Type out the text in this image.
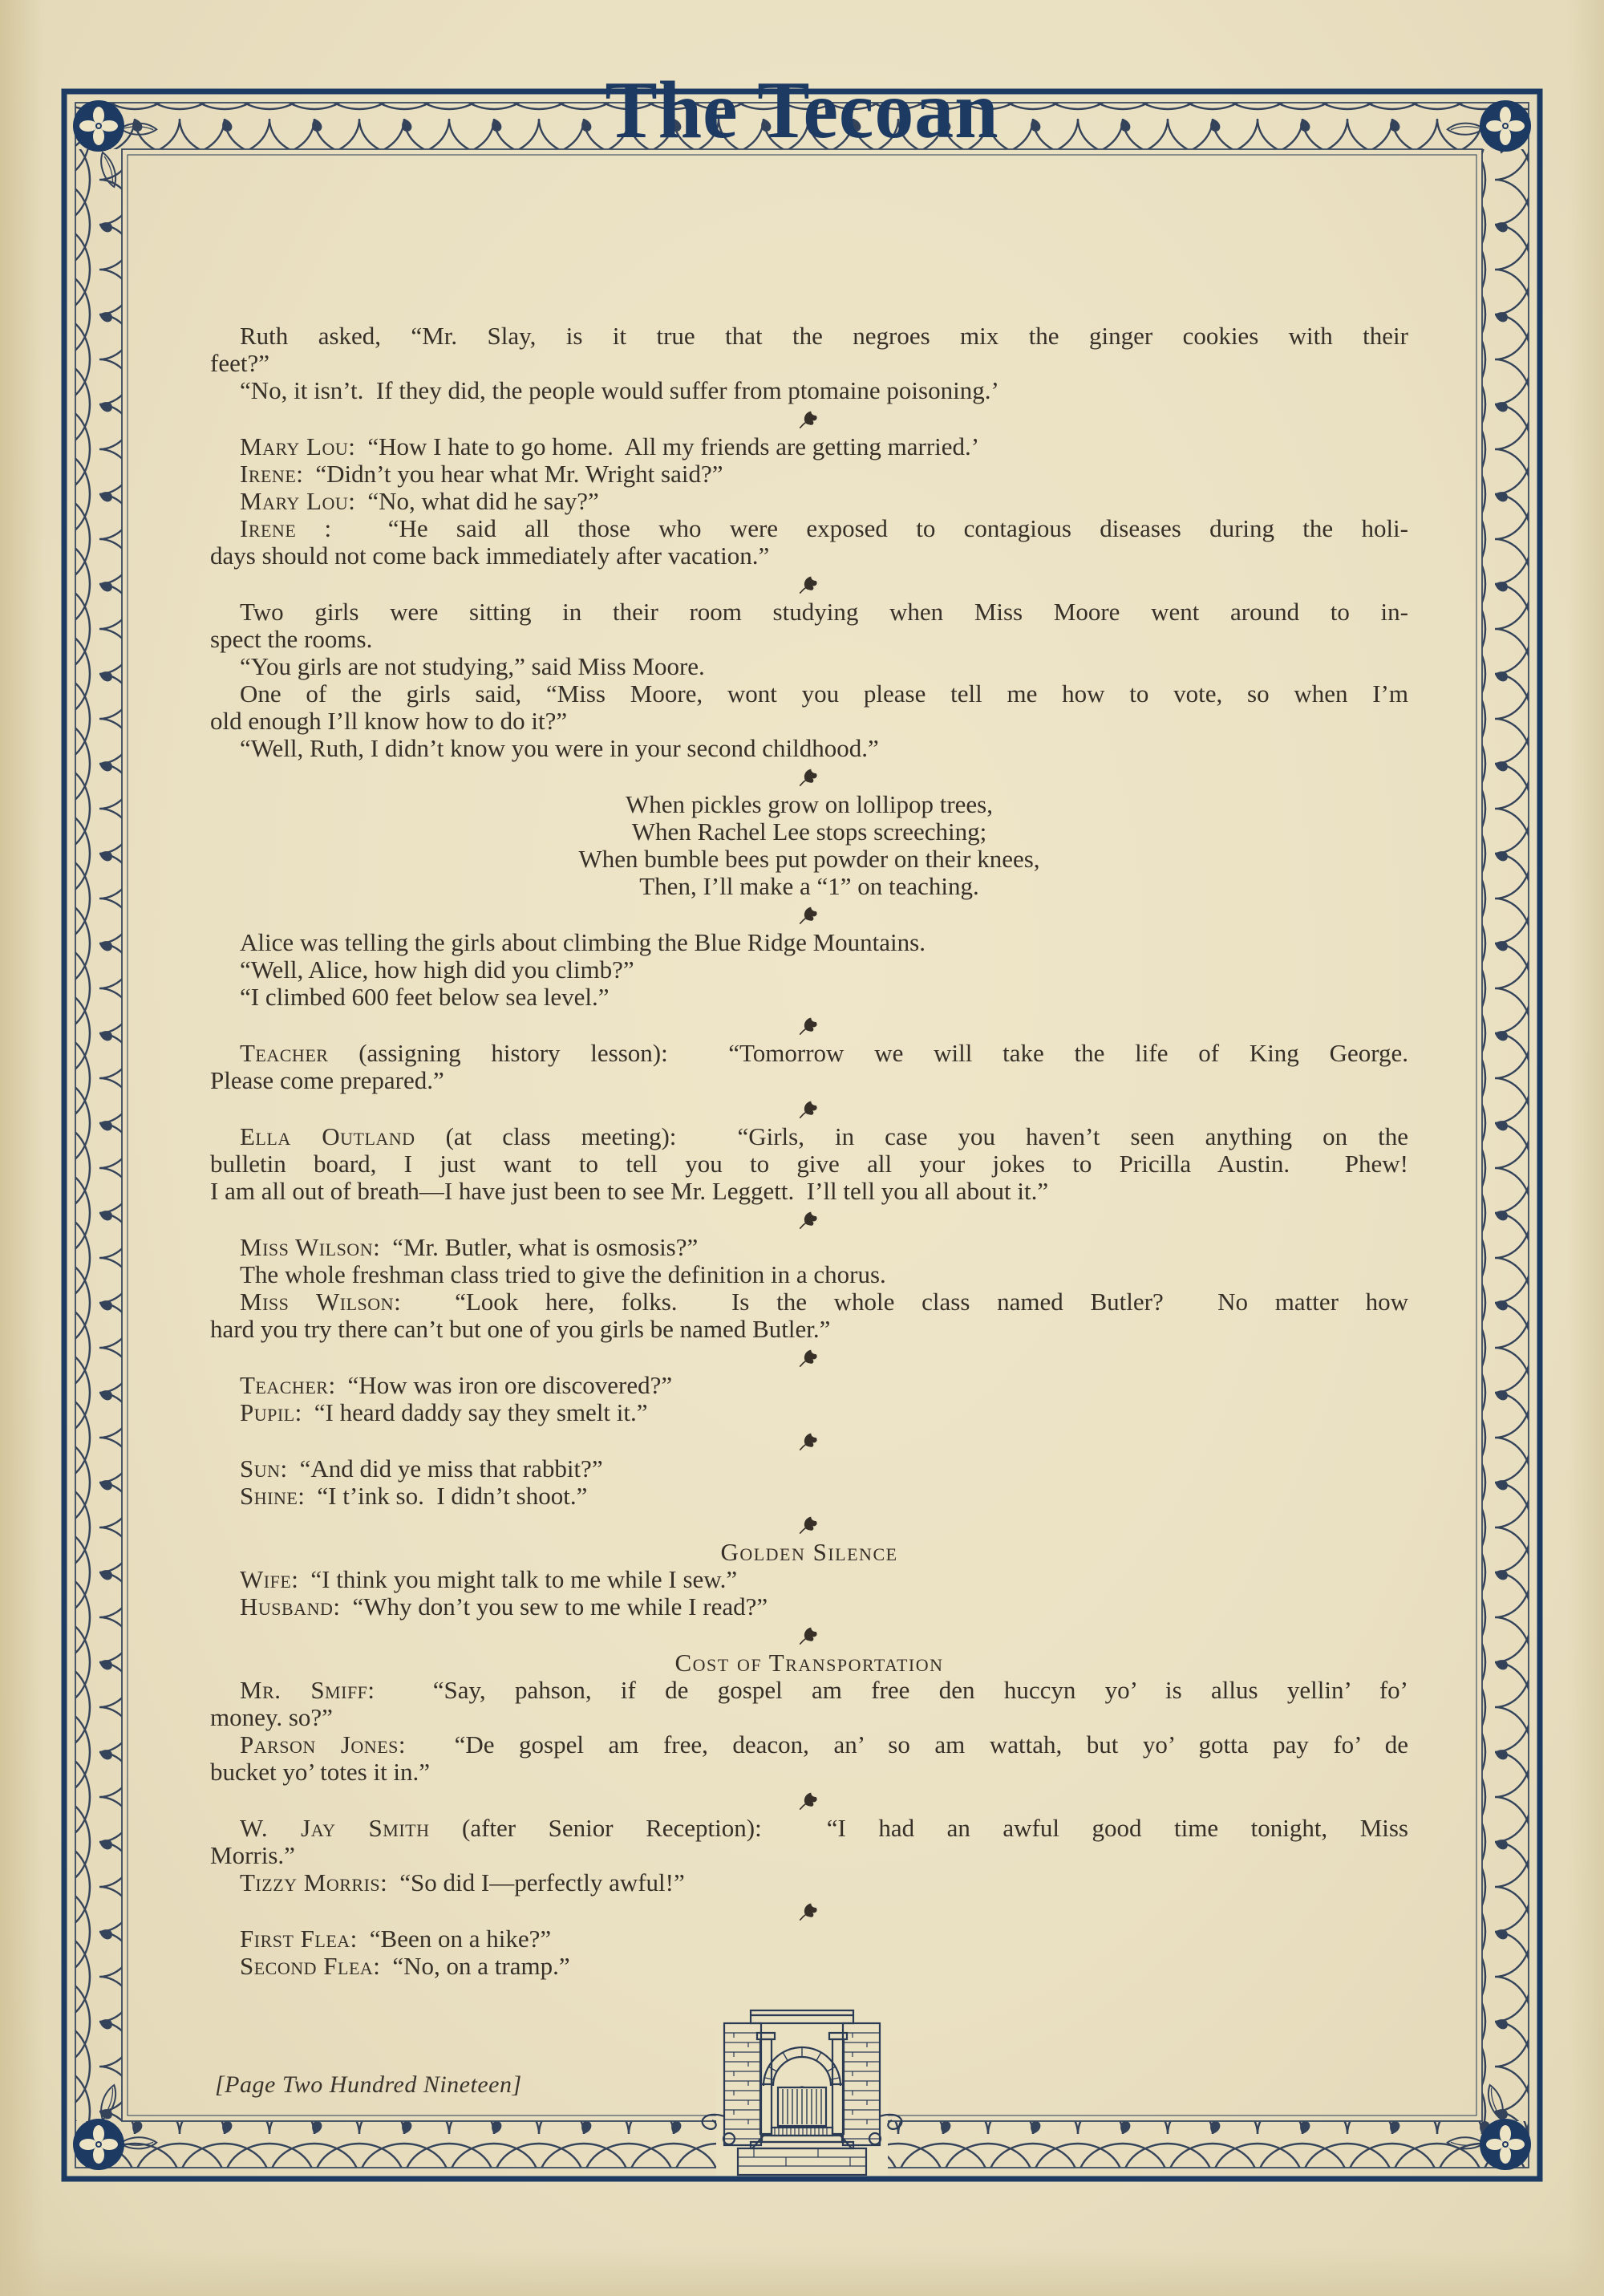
The Tecoan
Ruth asked, “Mr. Slay, is it true that the negroes mix the ginger cookies with their
feet?”
“No, it isn’t.  If they did, the people would suffer from ptomaine poisoning.’
Mary Lou:  “How I hate to go home.  All my friends are getting married.’
Irene:  “Didn’t you hear what Mr. Wright said?”
Mary Lou:  “No, what did he say?”
Irene :  “He said all those who were exposed to contagious diseases during the holi-
days should not come back immediately after vacation.”
Two girls were sitting in their room studying when Miss Moore went around to in-
spect the rooms.
“You girls are not studying,” said Miss Moore.
One of the girls said, “Miss Moore, wont you please tell me how to vote, so when I’m
old enough I’ll know how to do it?”
“Well, Ruth, I didn’t know you were in your second childhood.”
When pickles grow on lollipop trees,
When Rachel Lee stops screeching;
When bumble bees put powder on their knees,
Then, I’ll make a “1” on teaching.
Alice was telling the girls about climbing the Blue Ridge Mountains.
“Well, Alice, how high did you climb?”
“I climbed 600 feet below sea level.”
Teacher (assigning history lesson):  “Tomorrow we will take the life of King George.
Please come prepared.”
Ella Outland (at class meeting):  “Girls, in case you haven’t seen anything on the
bulletin board, I just want to tell you to give all your jokes to Pricilla Austin.  Phew!
I am all out of breath—I have just been to see Mr. Leggett.  I’ll tell you all about it.”
Miss Wilson:  “Mr. Butler, what is osmosis?”
The whole freshman class tried to give the definition in a chorus.
Miss Wilson:  “Look here, folks.  Is the whole class named Butler?  No matter how
hard you try there can’t but one of you girls be named Butler.”
Teacher:  “How was iron ore discovered?”
Pupil:  “I heard daddy say they smelt it.”
Sun:  “And did ye miss that rabbit?”
Shine:  “I t’ink so.  I didn’t shoot.”
Golden Silence
Wife:  “I think you might talk to me while I sew.”
Husband:  “Why don’t you sew to me while I read?”
Cost of Transportation
Mr. Smiff:  “Say, pahson, if de gospel am free den huccyn yo’ is allus yellin’ fo’
money. so?”
Parson Jones:  “De gospel am free, deacon, an’ so am wattah, but yo’ gotta pay fo’ de
bucket yo’ totes it in.”
W. Jay Smith (after Senior Reception):  “I had an awful good time tonight, Miss
Morris.”
Tizzy Morris:  “So did I—perfectly awful!”
First Flea:  “Been on a hike?”
Second Flea:  “No, on a tramp.”
[Page Two Hundred Nineteen]
